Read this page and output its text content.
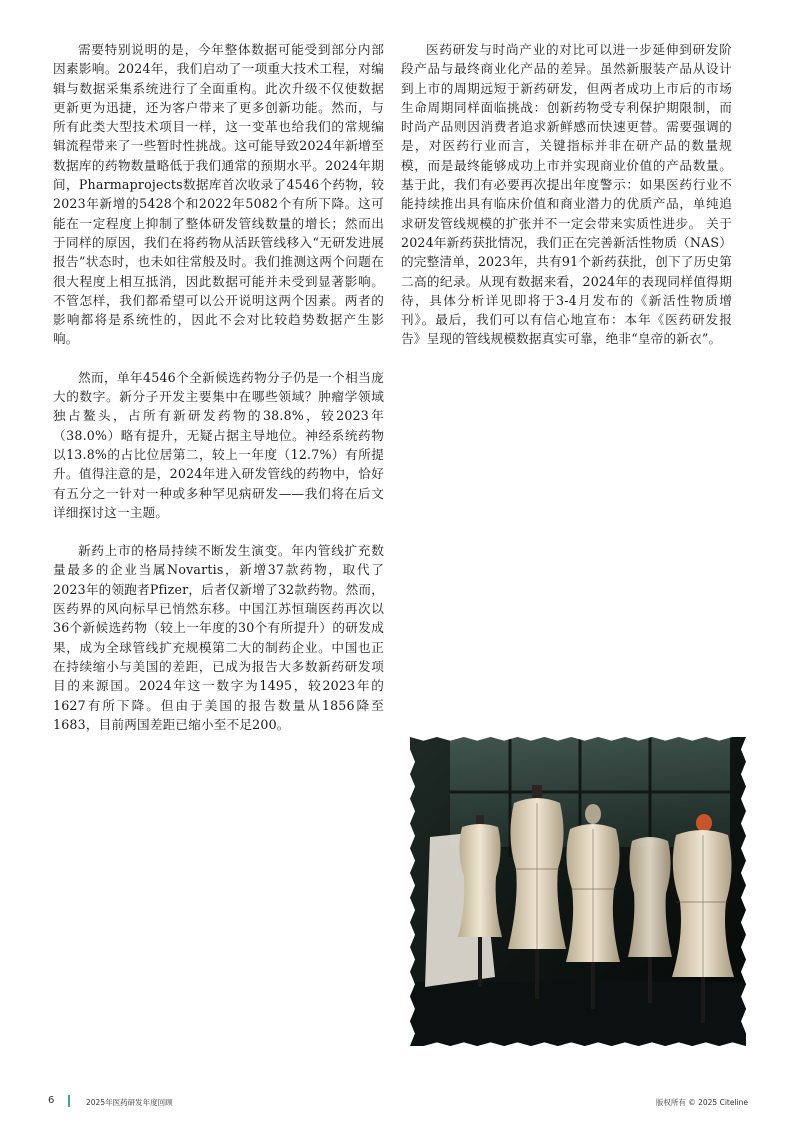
需要特别说明的是，今年整体数据可能受到部分内部因素影响。2024年，我们启动了一项重大技术工程，对编辑与数据采集系统进行了全面重构。此次升级不仅使数据更新更为迅捷，还为客户带来了更多创新功能。然而，与所有此类大型技术项目一样，这一变革也给我们的常规编辑流程带来了一些暂时性挑战。这可能导致2024年新增至数据库的药物数量略低于我们通常的预期水平。2024年期间，Pharmaprojects数据库首次收录了4546个药物，较2023年新增的5428个和2022年5082个有所下降。这可能在一定程度上抑制了整体研发管线数量的增长；然而出于同样的原因，我们在将药物从活跃管线移入“无研发进展报告”状态时，也未如往常般及时。我们推测这两个问题在很大程度上相互抵消，因此数据可能并未受到显著影响。不管怎样，我们都希望可以公开说明这两个因素。两者的影响都将是系统性的，因此不会对比较趋势数据产生影响。

然而，单年4546个全新候选药物分子仍是一个相当庞大的数字。新分子开发主要集中在哪些领域？肿瘤学领域独占鳌头，占所有新研发药物的38.8%，较2023年（38.0%）略有提升，无疑占据主导地位。神经系统药物以13.8%的占比位居第二，较上一年度（12.7%）有所提升。值得注意的是，2024年进入研发管线的药物中，恰好有五分之一针对一种或多种罕见病研发——我们将在后文详细探讨这一主题。

新药上市的格局持续不断发生演变。年内管线扩充数量最多的企业当属Novartis，新增37款药物，取代了2023年的领跑者Pfizer，后者仅新增了32款药物。然而，医药界的风向标早已悄然东移。中国江苏恒瑞医药再次以36个新候选药物（较上一年度的30个有所提升）的研发成果，成为全球管线扩充规模第二大的制药企业。中国也正在持续缩小与美国的差距，已成为报告大多数新药研发项目的来源国。2024年这一数字为1495，较2023年的1627有所下降。但由于美国的报告数量从1856降至1683，目前两国差距已缩小至不足200。

医药研发与时尚产业的对比可以进一步延伸到研发阶段产品与最终商业化产品的差异。虽然新服装产品从设计到上市的周期远短于新药研发，但两者成功上市后的市场生命周期同样面临挑战：创新药物受专利保护期限制，而时尚产品则因消费者追求新鲜感而快速更替。需要强调的是，对医药行业而言，关键指标并非在研产品的数量规模，而是最终能够成功上市并实现商业价值的产品数量。基于此，我们有必要再次提出年度警示：如果医药行业不能持续推出具有临床价值和商业潜力的优质产品，单纯追求研发管线规模的扩张并不一定会带来实质性进步。 关于2024年新药获批情况，我们正在完善新活性物质（NAS）的完整清单，2023年，共有91个新药获批，创下了历史第二高的纪录。从现有数据来看，2024年的表现同样值得期待，具体分析详见即将于3-4月发布的《新活性物质增刊》。最后，我们可以有信心地宣布：本年《医药研发报告》呈现的管线规模数据真实可靠，绝非“皇帝的新衣”。

6	2025年医药研发年度回顾	版权所有 © 2025 Citeline
